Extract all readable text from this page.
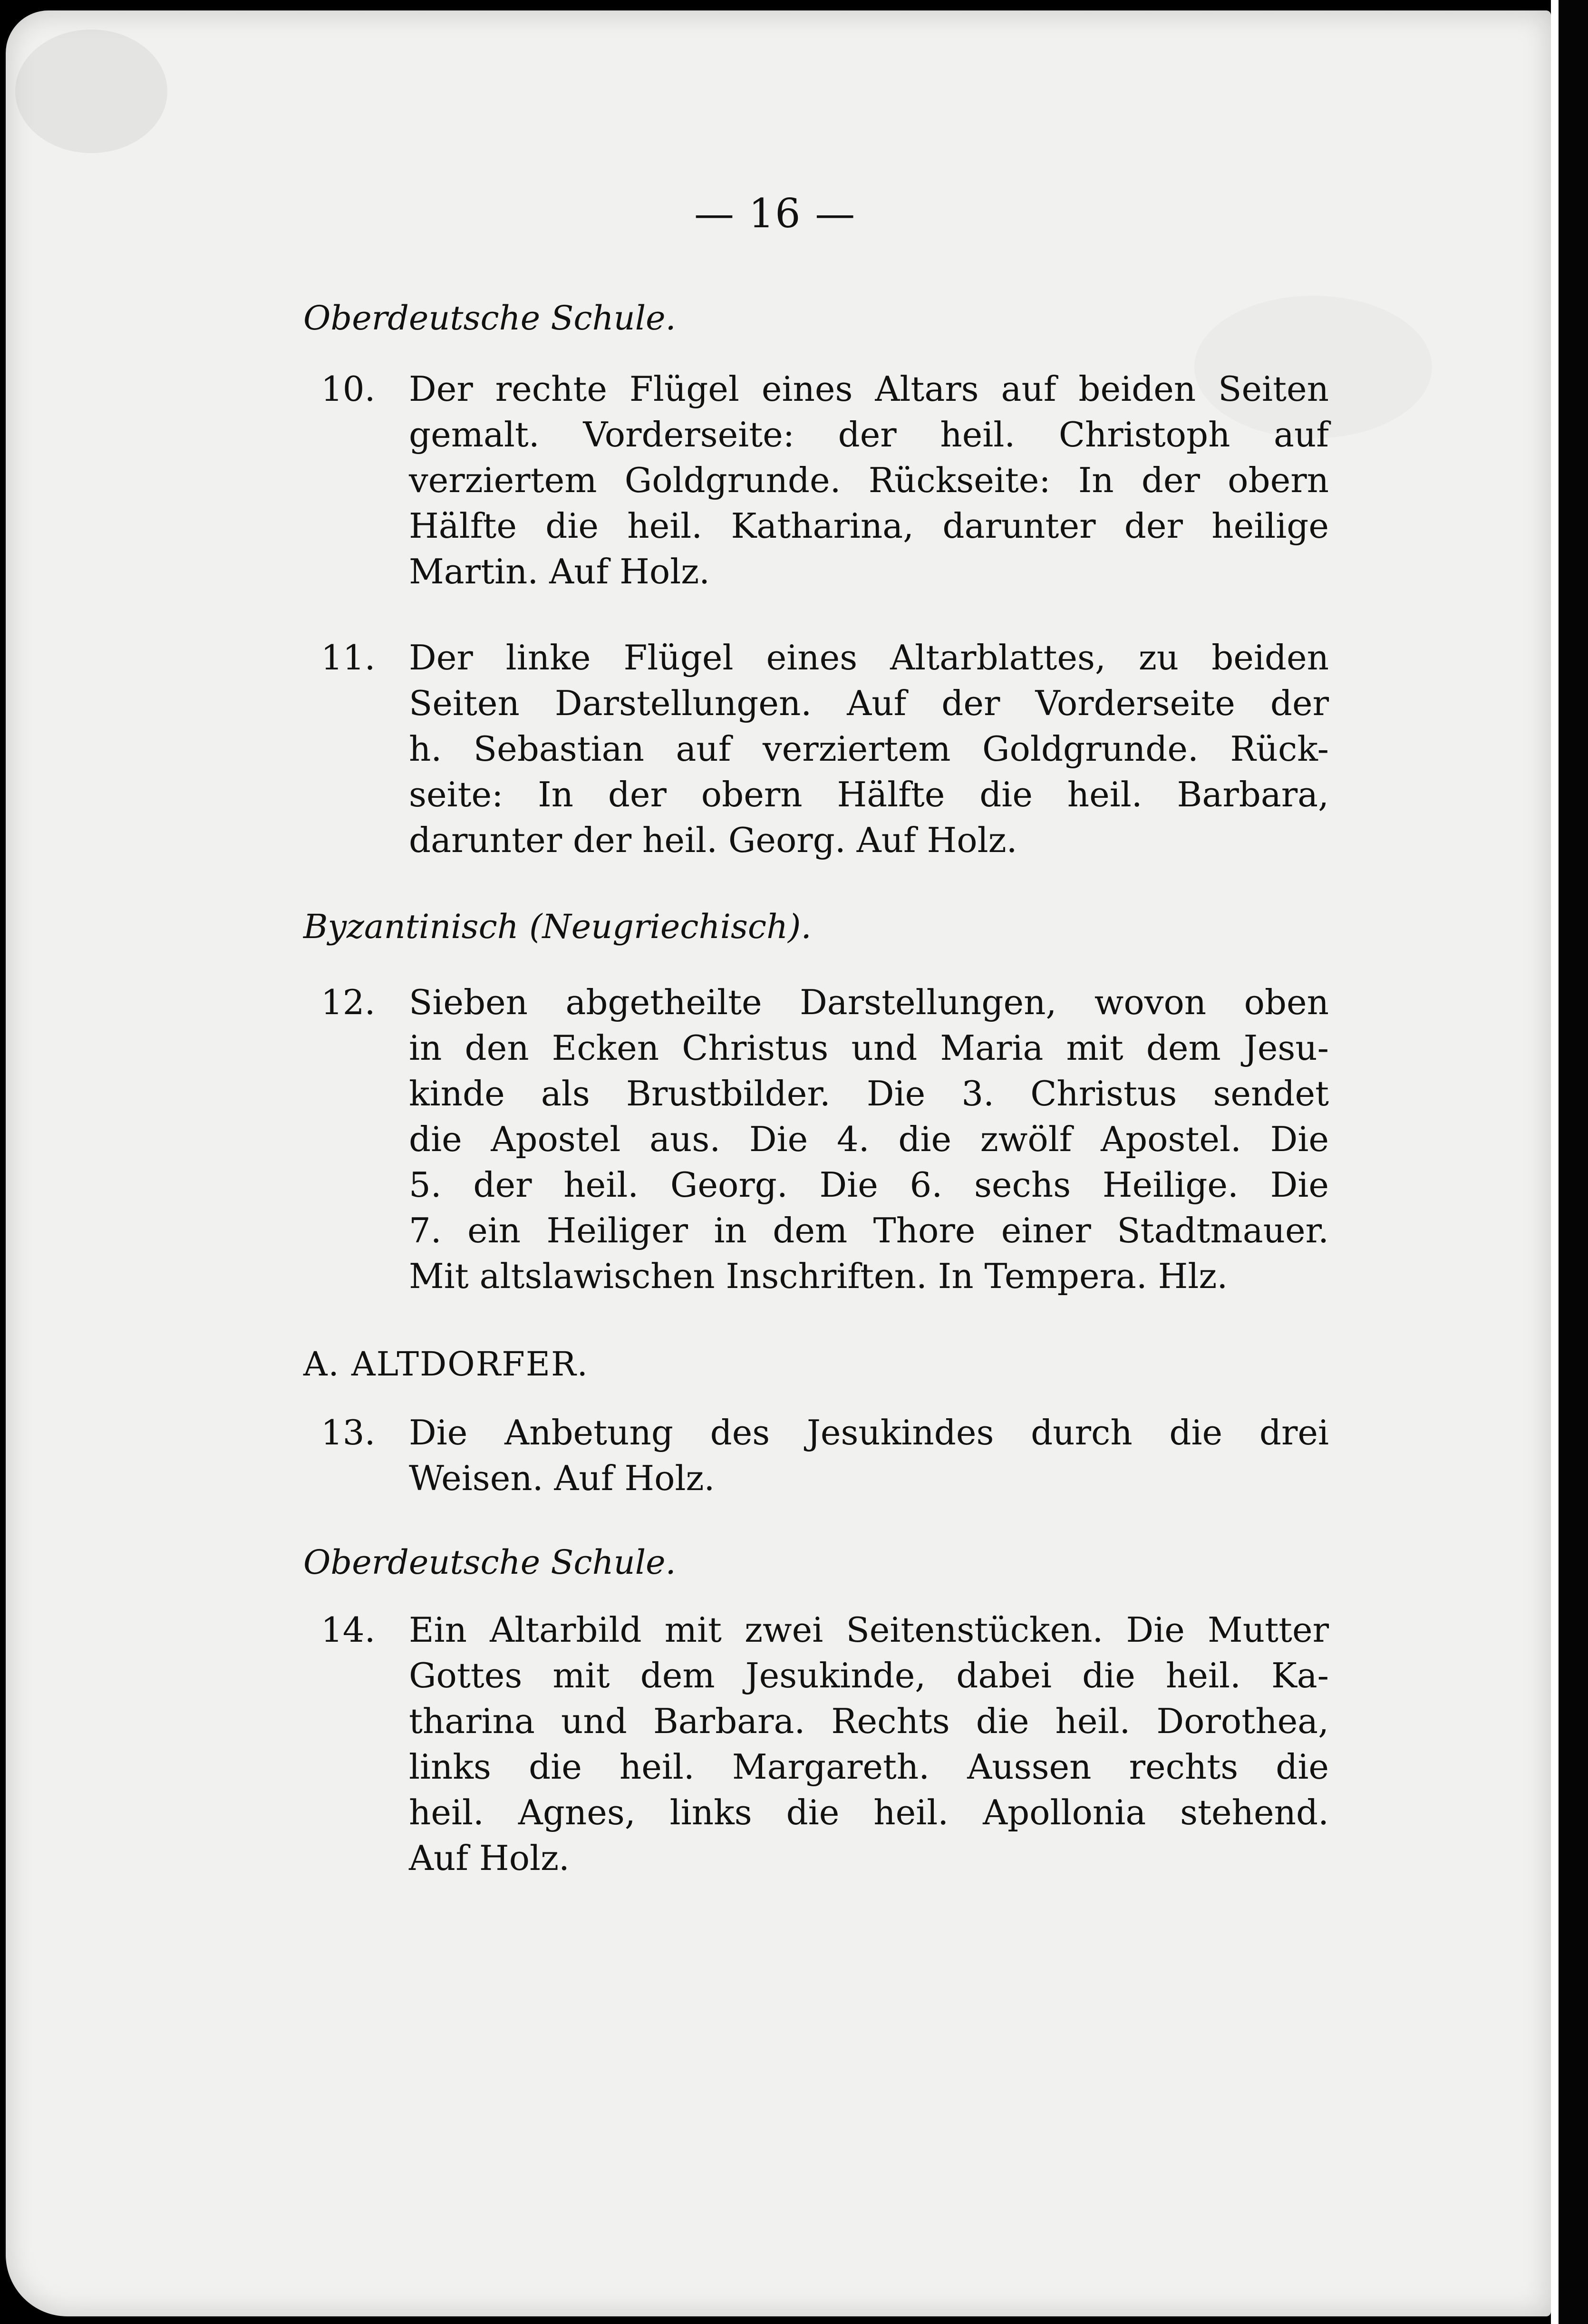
— 16 —
Oberdeutsche Schule.
10. Der rechte Flügel eines Altars auf beiden Seiten
gemalt. Vorderseite: der heil. Christoph auf
verziertem Goldgrunde. Rückseite: In der obern
Hälfte die heil. Katharina, darunter der heilige
Martin. Auf Holz.
11. Der linke Flügel eines Altarblattes, zu beiden
Seiten Darstellungen. Auf der Vorderseite der
h. Sebastian auf verziertem Goldgrunde. Rück-
seite: In der obern Hälfte die heil. Barbara,
darunter der heil. Georg. Auf Holz.
Byzantinisch (Neugriechisch).
12. Sieben abgetheilte Darstellungen, wovon oben
in den Ecken Christus und Maria mit dem Jesu-
kinde als Brustbilder. Die 3. Christus sendet
die Apostel aus. Die 4. die zwölf Apostel. Die
5. der heil. Georg. Die 6. sechs Heilige. Die
7. ein Heiliger in dem Thore einer Stadtmauer.
Mit altslawischen Inschriften. In Tempera. Hlz.
A. ALTDORFER.
13. Die Anbetung des Jesukindes durch die drei
Weisen. Auf Holz.
Oberdeutsche Schule.
14. Ein Altarbild mit zwei Seitenstücken. Die Mutter
Gottes mit dem Jesukinde, dabei die heil. Ka-
tharina und Barbara. Rechts die heil. Dorothea,
links die heil. Margareth. Aussen rechts die
heil. Agnes, links die heil. Apollonia stehend.
Auf Holz.
